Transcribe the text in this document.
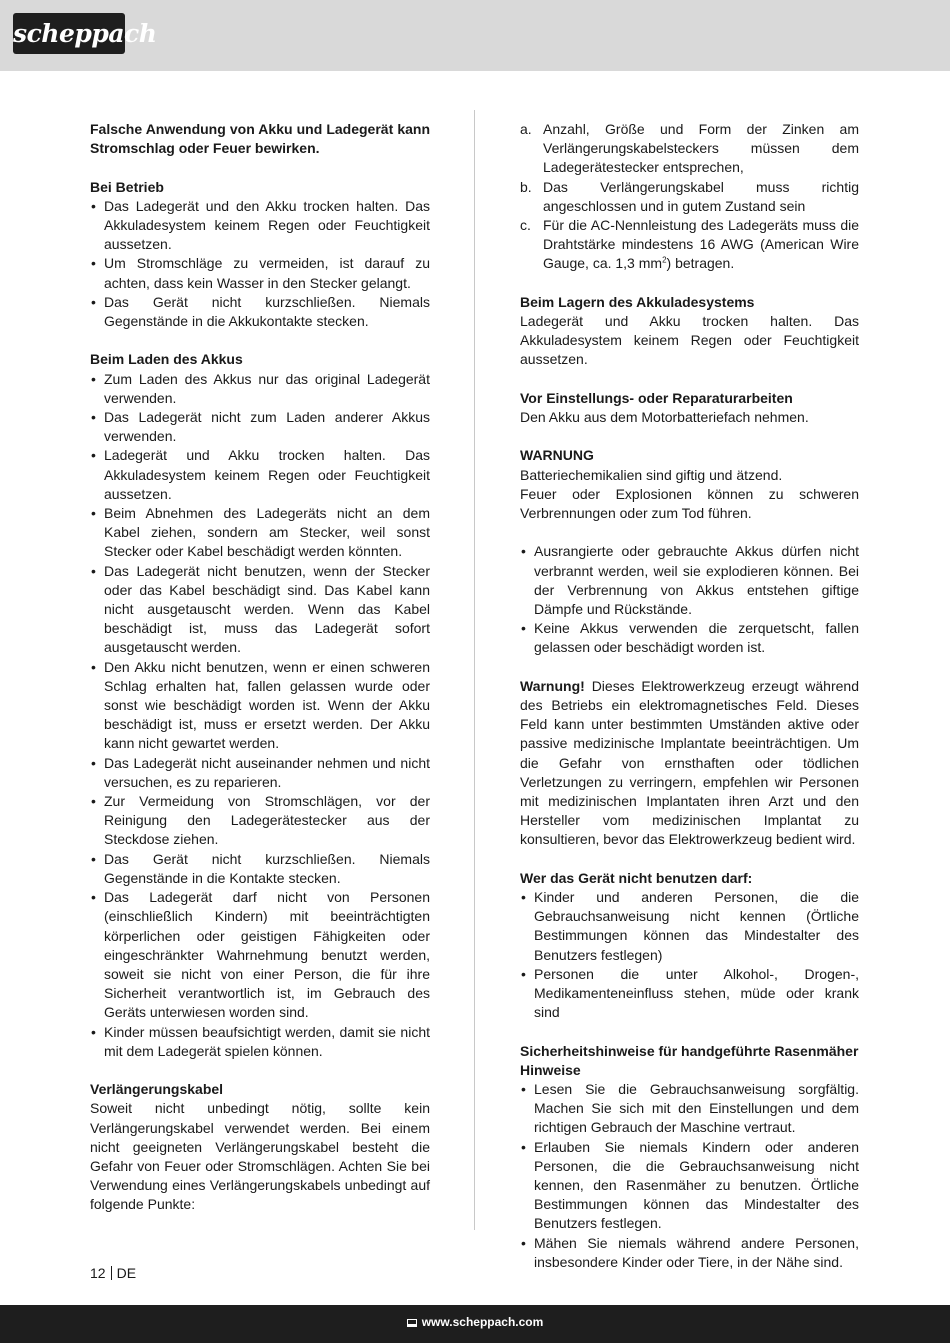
scheppach
Falsche Anwendung von Akku und Ladegerät kann Stromschlag oder Feuer bewirken.
Bei Betrieb
• Das Ladegerät und den Akku trocken halten. Das Akkuladesystem keinem Regen oder Feuchtigkeit aussetzen.
• Um Stromschläge zu vermeiden, ist darauf zu achten, dass kein Wasser in den Stecker gelangt.
• Das Gerät nicht kurzschließen. Niemals Gegenstände in die Akkukontakte stecken.
Beim Laden des Akkus
• Zum Laden des Akkus nur das original Ladegerät verwenden.
• Das Ladegerät nicht zum Laden anderer Akkus verwenden.
• Ladegerät und Akku trocken halten. Das Akkuladesystem keinem Regen oder Feuchtigkeit aussetzen.
• Beim Abnehmen des Ladegeräts nicht an dem Kabel ziehen, sondern am Stecker, weil sonst Stecker oder Kabel beschädigt werden könnten.
• Das Ladegerät nicht benutzen, wenn der Stecker oder das Kabel beschädigt sind. Das Kabel kann nicht ausgetauscht werden. Wenn das Kabel beschädigt ist, muss das Ladegerät sofort ausgetauscht werden.
• Den Akku nicht benutzen, wenn er einen schweren Schlag erhalten hat, fallen gelassen wurde oder sonst wie beschädigt worden ist. Wenn der Akku beschädigt ist, muss er ersetzt werden. Der Akku kann nicht gewartet werden.
• Das Ladegerät nicht auseinander nehmen und nicht versuchen, es zu reparieren.
• Zur Vermeidung von Stromschlägen, vor der Reinigung den Ladegerätestecker aus der Steckdose ziehen.
• Das Gerät nicht kurzschließen. Niemals Gegenstände in die Kontakte stecken.
• Das Ladegerät darf nicht von Personen (einschließlich Kindern) mit beeinträchtigten körperlichen oder geistigen Fähigkeiten oder eingeschränkter Wahrnehmung benutzt werden, soweit sie nicht von einer Person, die für ihre Sicherheit verantwortlich ist, im Gebrauch des Geräts unterwiesen worden sind.
• Kinder müssen beaufsichtigt werden, damit sie nicht mit dem Ladegerät spielen können.
Verlängerungskabel

Soweit nicht unbedingt nötig, sollte kein Verlängerungskabel verwendet werden. Bei einem nicht geeigneten Verlängerungskabel besteht die Gefahr von Feuer oder Stromschlägen. Achten Sie bei Verwendung eines Verlängerungskabels unbedingt auf folgende Punkte:

a. Anzahl, Größe und Form der Zinken am Verlängerungskabelsteckers müssen dem Ladegerätestecker entsprechen,
b. Das Verlängerungskabel muss richtig angeschlossen und in gutem Zustand sein
c. Für die AC-Nennleistung des Ladegeräts muss die Drahtstärke mindestens 16 AWG (American Wire Gauge, ca. 1,3 $mm^2$) betragen.
Beim Lagern des Akkuladesystems

Ladegerät und Akku trocken halten. Das Akkuladesystem keinem Regen oder Feuchtigkeit aussetzen.

Vor Einstellungs- oder Reparaturarbeiten

Den Akku aus dem Motorbatteriefach nehmen.

WARNUNG

Batteriechemikalien sind giftig und ätzend.

Feuer oder Explosionen können zu schweren Verbrennungen oder zum Tod führen.

• Ausrangierte oder gebrauchte Akkus dürfen nicht verbrannt werden, weil sie explodieren können. Bei der Verbrennung von Akkus entstehen giftige Dämpfe und Rückstände.
• Keine Akkus verwenden die zerquetscht, fallen gelassen oder beschädigt worden ist.

Warnung! Dieses Elektrowerkzeug erzeugt während des Betriebs ein elektromagnetisches Feld. Dieses Feld kann unter bestimmten Umständen aktive oder passive medizinische Implantate beeinträchtigen. Um die Gefahr von ernsthaften oder tödlichen Verletzungen zu verringern, empfehlen wir Personen mit medizinischen Implantaten ihren Arzt und den Hersteller vom medizinischen Implantat zu konsultieren, bevor das Elektrowerkzeug bedient wird.

Wer das Gerät nicht benutzen darf:
• Kinder und anderen Personen, die die Gebrauchsanweisung nicht kennen (Örtliche Bestimmungen können das Mindestalter des Benutzers festlegen)
• Personen die unter Alkohol-, Drogen-, Medikamenteneinfluss stehen, müde oder krank sind
Sicherheitshinweise für handgeführte Rasenmäher
Hinweise
• Lesen Sie die Gebrauchsanweisung sorgfältig. Machen Sie sich mit den Einstellungen und dem richtigen Gebrauch der Maschine vertraut.
• Erlauben Sie niemals Kindern oder anderen Personen, die die Gebrauchsanweisung nicht kennen, den Rasenmäher zu benutzen. Örtliche Bestimmungen können das Mindestalter des Benutzers festlegen.
• Mähen Sie niemals während andere Personen, insbesondere Kinder oder Tiere, in der Nähe sind.
12 DE
www.scheppach.com
